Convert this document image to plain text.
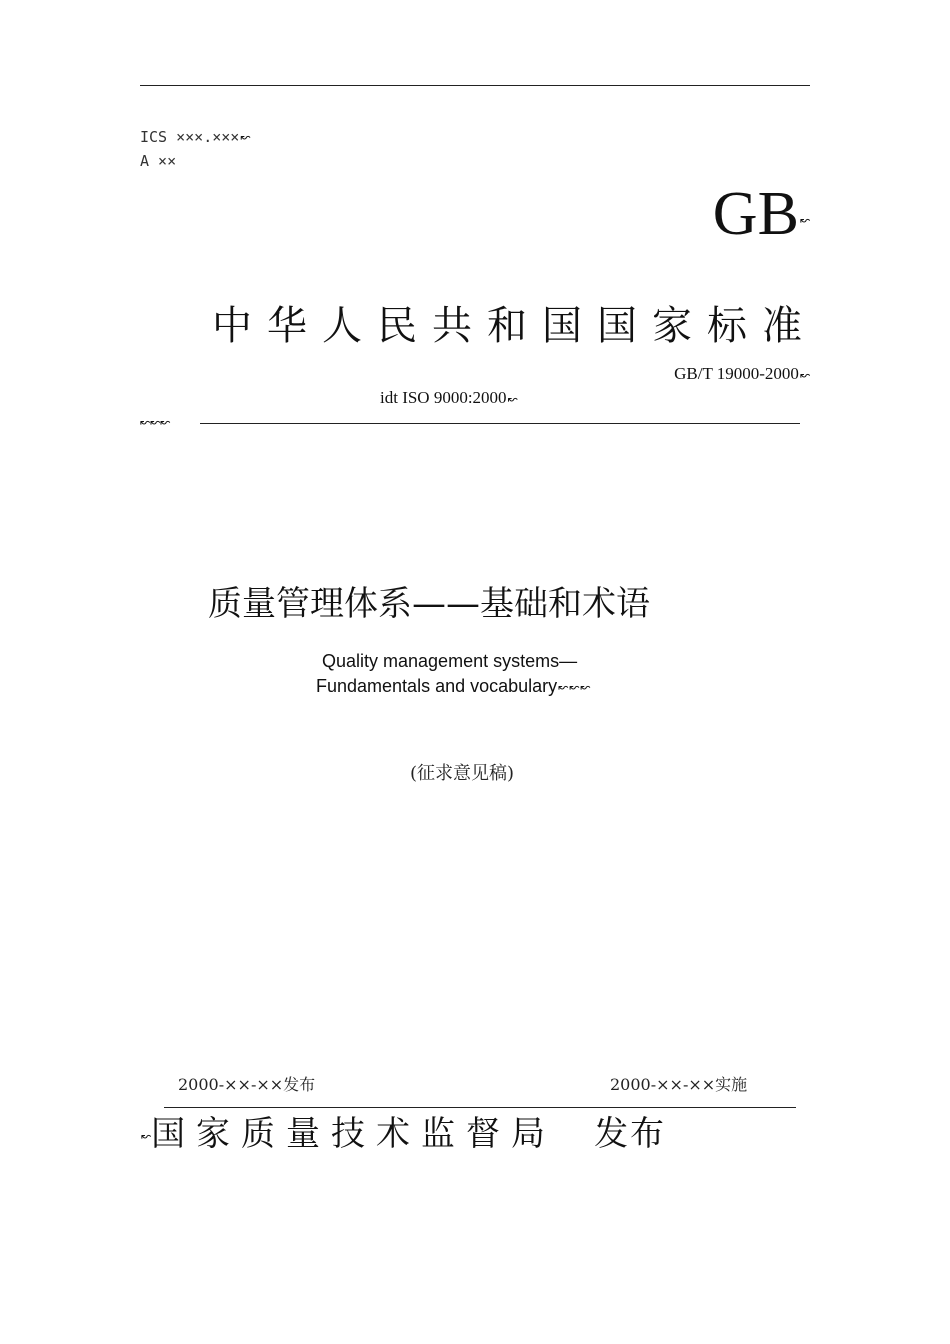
ICS ×××.×××↜
A ××
GB↜
中华人民共和国国家标准
GB/T 19000-2000↜
idt ISO 9000:2000↜
↜↜↜
质量管理体系——基础和术语
Quality management systems—
Fundamentals and vocabulary↜↜↜
(征求意见稿)
2000-××-××发布	2000-××-××实施
↜国家质量技术监督局 发布
